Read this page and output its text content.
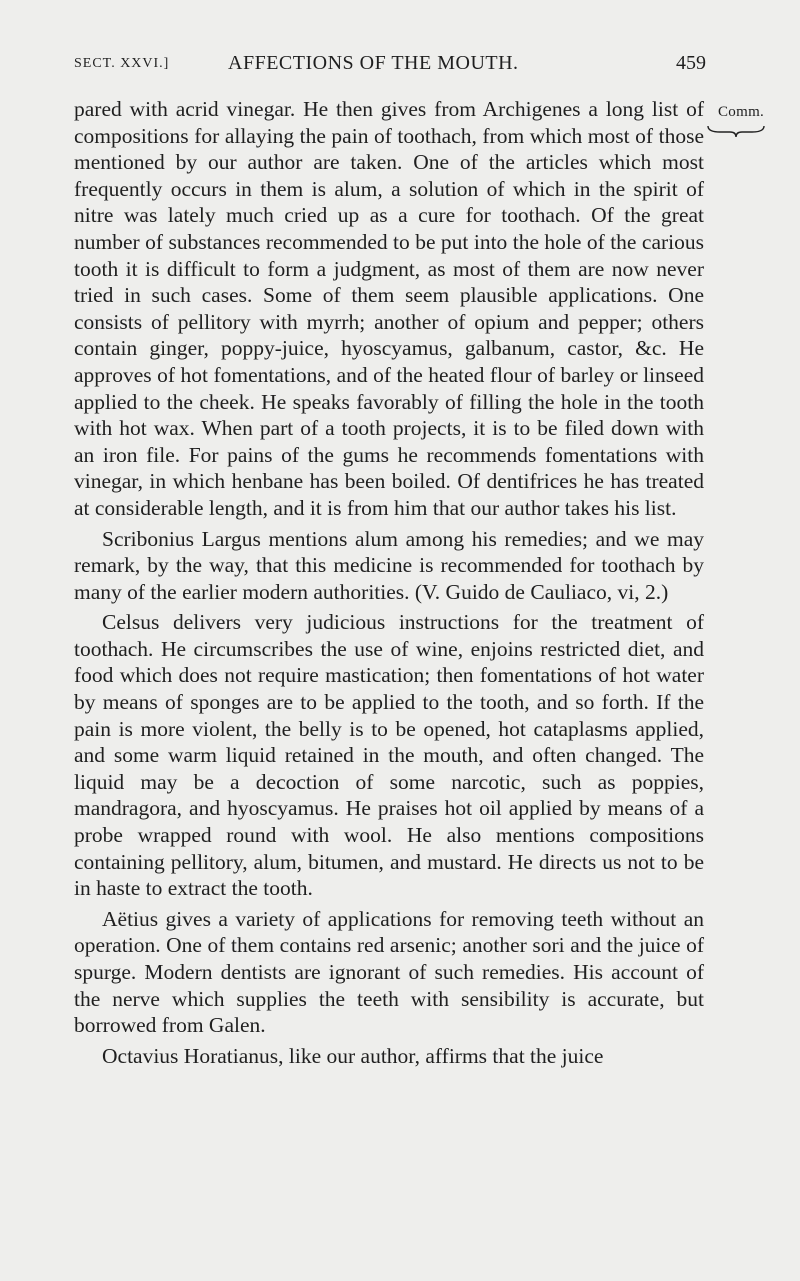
SECT. XXVI.]	AFFECTIONS OF THE MOUTH.	459
Comm.

pared with acrid vinegar. He then gives from Archigenes a long list of compositions for allaying the pain of toothach, from which most of those mentioned by our author are taken. One of the articles which most frequently occurs in them is alum, a solution of which in the spirit of nitre was lately much cried up as a cure for toothach. Of the great number of substances recommended to be put into the hole of the carious tooth it is difficult to form a judgment, as most of them are now never tried in such cases. Some of them seem plausible applications. One consists of pellitory with myrrh; another of opium and pepper; others contain ginger, poppy-juice, hyoscyamus, galbanum, castor, &c. He approves of hot fomentations, and of the heated flour of barley or linseed applied to the cheek. He speaks favorably of filling the hole in the tooth with hot wax. When part of a tooth projects, it is to be filed down with an iron file. For pains of the gums he recommends fomentations with vinegar, in which henbane has been boiled. Of dentifrices he has treated at considerable length, and it is from him that our author takes his list.

Scribonius Largus mentions alum among his remedies; and we may remark, by the way, that this medicine is recommended for toothach by many of the earlier modern authorities. (V. Guido de Cauliaco, vi, 2.)

Celsus delivers very judicious instructions for the treatment of toothach. He circumscribes the use of wine, enjoins restricted diet, and food which does not require mastication; then fomentations of hot water by means of sponges are to be applied to the tooth, and so forth. If the pain is more violent, the belly is to be opened, hot cataplasms applied, and some warm liquid retained in the mouth, and often changed. The liquid may be a decoction of some narcotic, such as poppies, mandragora, and hyoscyamus. He praises hot oil applied by means of a probe wrapped round with wool. He also mentions compositions containing pellitory, alum, bitumen, and mustard. He directs us not to be in haste to extract the tooth.

Aëtius gives a variety of applications for removing teeth without an operation. One of them contains red arsenic; another sori and the juice of spurge. Modern dentists are ignorant of such remedies. His account of the nerve which supplies the teeth with sensibility is accurate, but borrowed from Galen.

Octavius Horatianus, like our author, affirms that the juice
